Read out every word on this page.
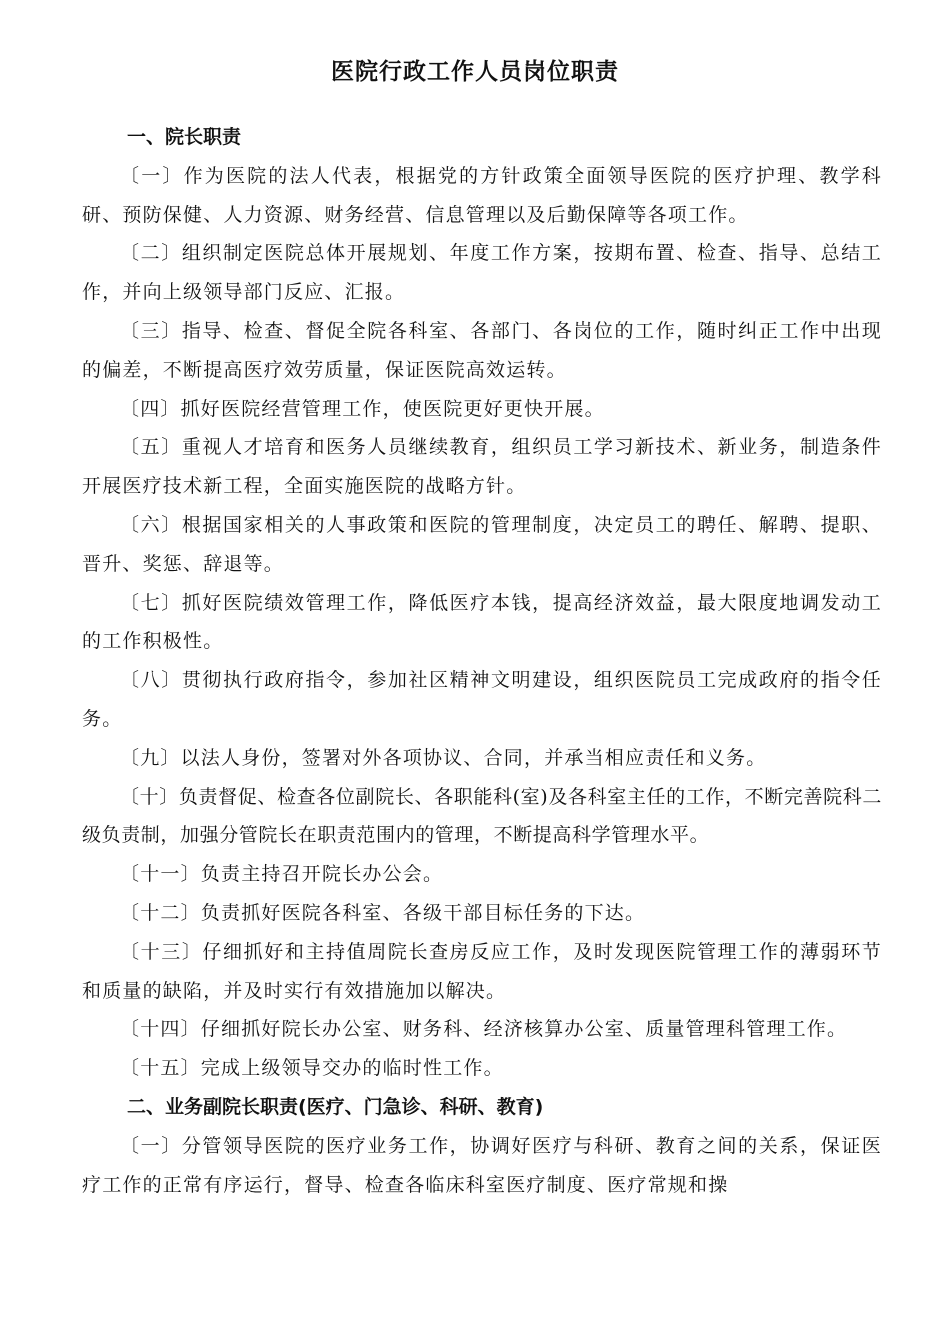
医院行政工作人员岗位职责
一、院长职责

〔一〕作为医院的法人代表，根据党的方针政策全面领导医院的医疗护理、教学科研、预防保健、人力资源、财务经营、信息管理以及后勤保障等各项工作。

〔二〕组织制定医院总体开展规划、年度工作方案，按期布置、检查、指导、总结工作，并向上级领导部门反应、汇报。

〔三〕指导、检查、督促全院各科室、各部门、各岗位的工作，随时纠正工作中出现的偏差，不断提高医疗效劳质量，保证医院高效运转。

〔四〕抓好医院经营管理工作，使医院更好更快开展。

〔五〕重视人才培育和医务人员继续教育，组织员工学习新技术、新业务，制造条件开展医疗技术新工程，全面实施医院的战略方针。

〔六〕根据国家相关的人事政策和医院的管理制度，决定员工的聘任、解聘、提职、晋升、奖惩、辞退等。

〔七〕抓好医院绩效管理工作，降低医疗本钱，提高经济效益，最大限度地调发动工的工作积极性。

〔八〕贯彻执行政府指令，参加社区精神文明建设，组织医院员工完成政府的指令任务。

〔九〕以法人身份，签署对外各项协议、合同，并承当相应责任和义务。

〔十〕负责督促、检查各位副院长、各职能科(室)及各科室主任的工作，不断完善院科二级负责制，加强分管院长在职责范围内的管理，不断提高科学管理水平。

〔十一〕负责主持召开院长办公会。

〔十二〕负责抓好医院各科室、各级干部目标任务的下达。

〔十三〕仔细抓好和主持值周院长查房反应工作，及时发现医院管理工作的薄弱环节和质量的缺陷，并及时实行有效措施加以解决。

〔十四〕仔细抓好院长办公室、财务科、经济核算办公室、质量管理科管理工作。

〔十五〕完成上级领导交办的临时性工作。

二、业务副院长职责(医疗、门急诊、科研、教育)

〔一〕分管领导医院的医疗业务工作，协调好医疗与科研、教育之间的关系，保证医疗工作的正常有序运行，督导、检查各临床科室医疗制度、医疗常规和操
